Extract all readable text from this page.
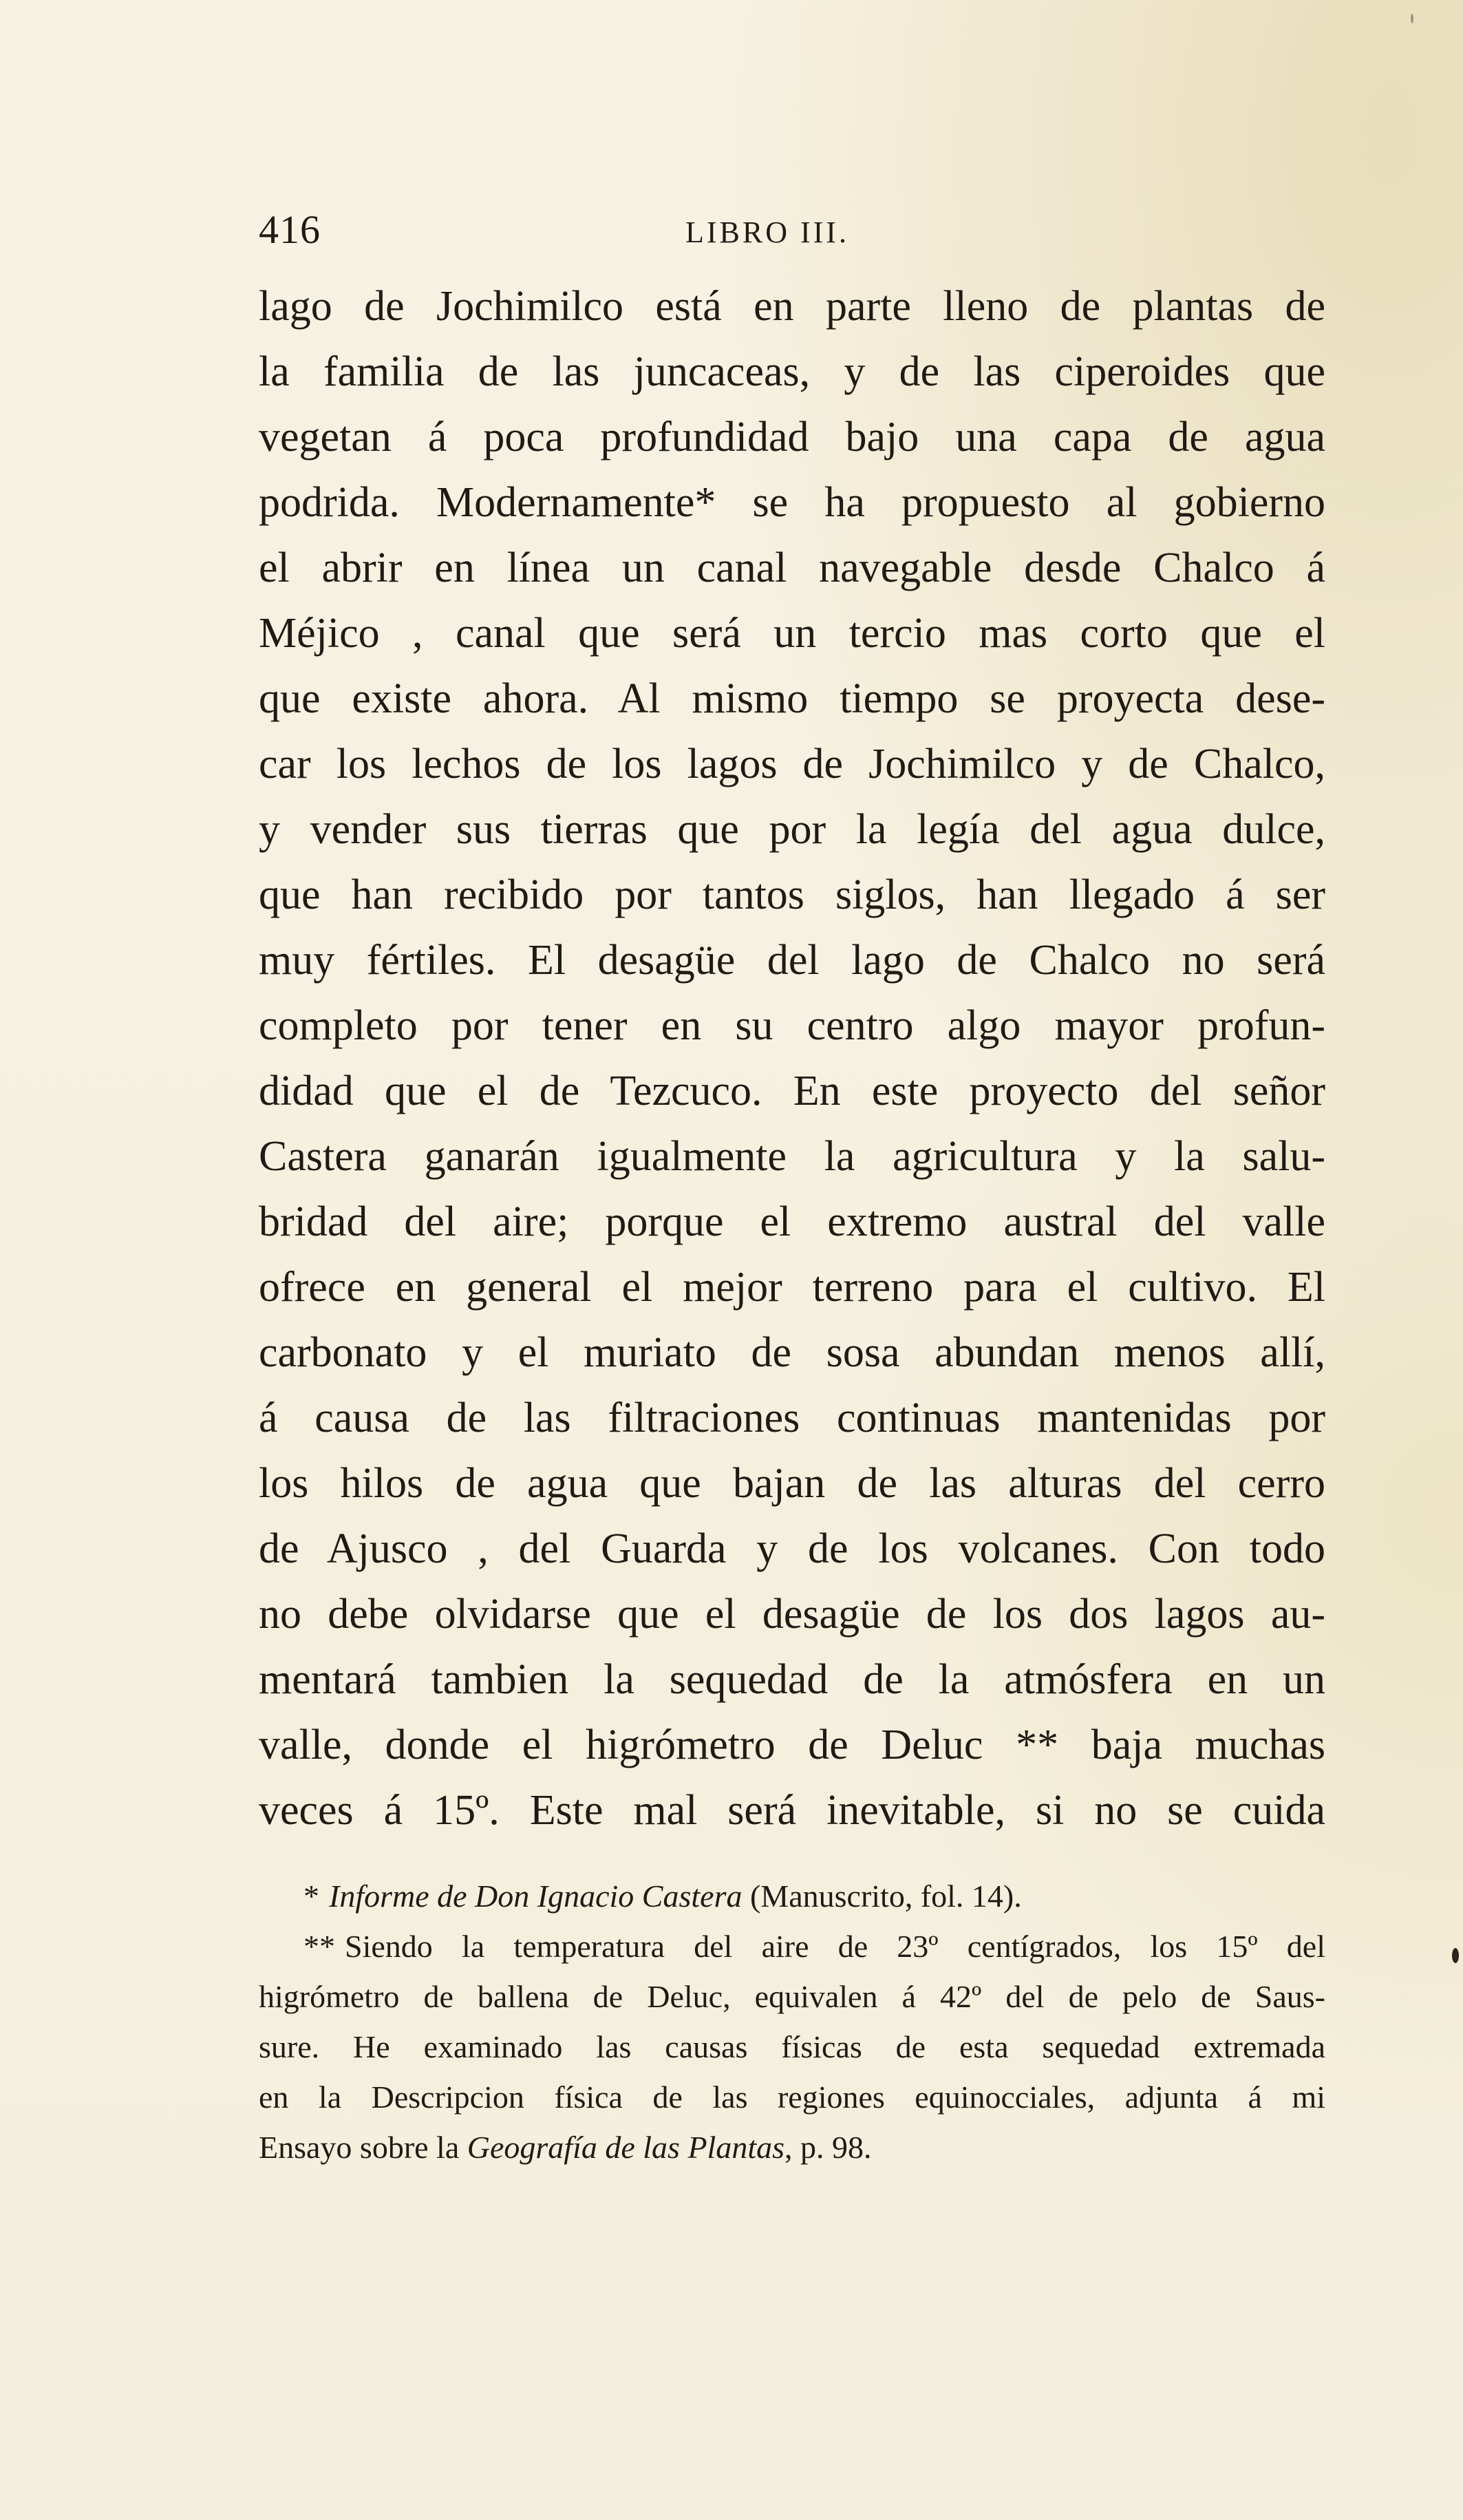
416	LIBRO III.
lago de Jochimilco está en parte lleno de plantas de
la familia de las juncaceas, y de las ciperoides que
vegetan á poca profundidad bajo una capa de agua
podrida. Modernamente* se ha propuesto al gobierno
el abrir en línea un canal navegable desde Chalco á
Méjico , canal que será un tercio mas corto que el
que existe ahora. Al mismo tiempo se proyecta dese-
car los lechos de los lagos de Jochimilco y de Chalco,
y vender sus tierras que por la legía del agua dulce,
que han recibido por tantos siglos, han llegado á ser
muy fértiles. El desagüe del lago de Chalco no será
completo por tener en su centro algo mayor profun-
didad que el de Tezcuco. En este proyecto del señor
Castera ganarán igualmente la agricultura y la salu-
bridad del aire; porque el extremo austral del valle
ofrece en general el mejor terreno para el cultivo. El
carbonato y el muriato de sosa abundan menos allí,
á causa de las filtraciones continuas mantenidas por
los hilos de agua que bajan de las alturas del cerro
de Ajusco , del Guarda y de los volcanes. Con todo
no debe olvidarse que el desagüe de los dos lagos au-
mentará tambien la sequedad de la atmósfera en un
valle, donde el higrómetro de Deluc ** baja muchas
veces á 15º. Este mal será inevitable, si no se cuida
* Informe de Don Ignacio Castera (Manuscrito, fol. 14).
** Siendo la temperatura del aire de 23º centígrados, los 15º del
higrómetro de ballena de Deluc, equivalen á 42º del de pelo de Saus-
sure. He examinado las causas físicas de esta sequedad extremada
en la Descripcion física de las regiones equinocciales, adjunta á mi
Ensayo sobre la Geografía de las Plantas, p. 98.
